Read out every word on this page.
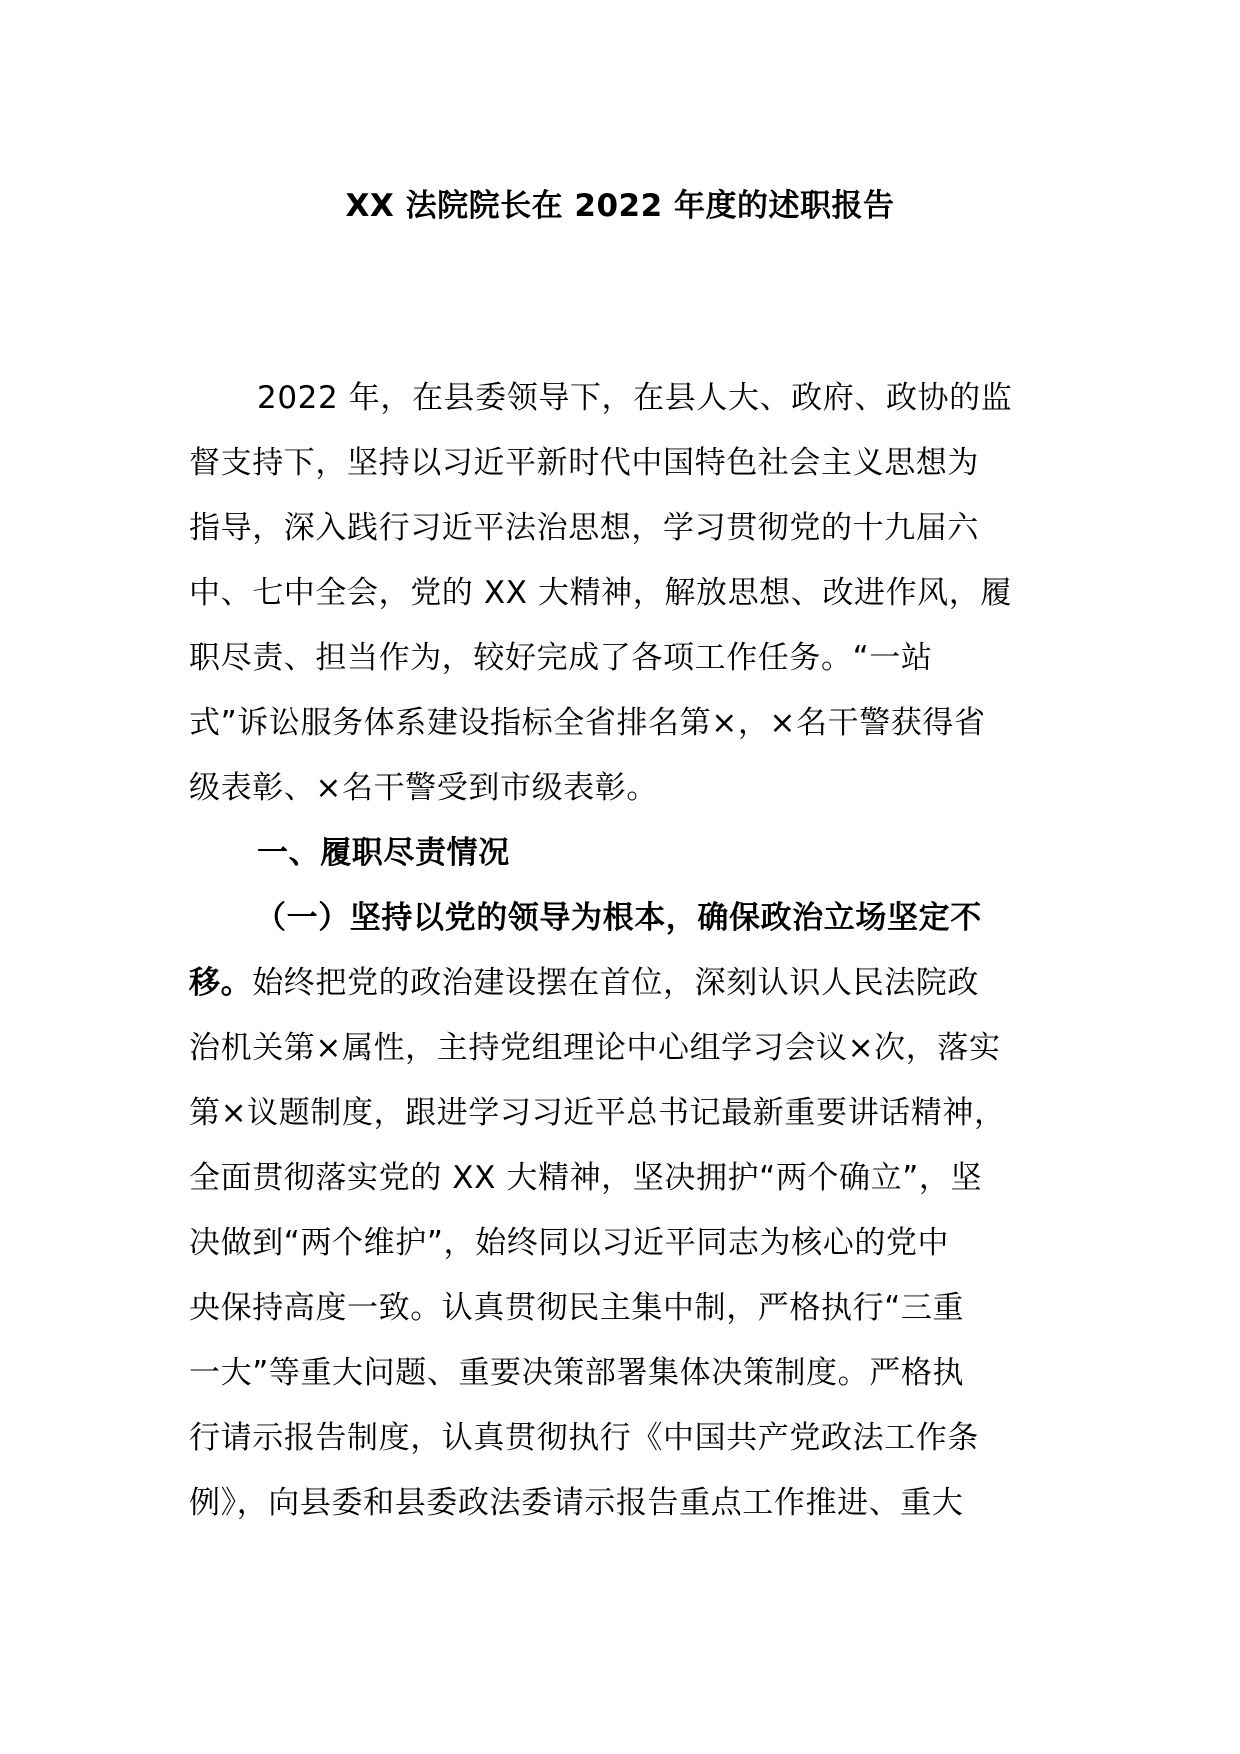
XX 法院院长在 2022 年度的述职报告
2022 年，在县委领导下，在县人大、政府、政协的监
督支持下，坚持以习近平新时代中国特色社会主义思想为
指导，深入践行习近平法治思想，学习贯彻党的十九届六
中、七中全会，党的 XX 大精神，解放思想、改进作风，履
职尽责、担当作为，较好完成了各项工作任务。“一站
式”诉讼服务体系建设指标全省排名第×，×名干警获得省
级表彰、×名干警受到市级表彰。
一、履职尽责情况
（一）坚持以党的领导为根本，确保政治立场坚定不
移。始终把党的政治建设摆在首位，深刻认识人民法院政
治机关第×属性，主持党组理论中心组学习会议×次，落实
第×议题制度，跟进学习习近平总书记最新重要讲话精神，
全面贯彻落实党的 XX 大精神，坚决拥护“两个确立”，坚
决做到“两个维护”，始终同以习近平同志为核心的党中
央保持高度一致。认真贯彻民主集中制，严格执行“三重
一大”等重大问题、重要决策部署集体决策制度。严格执
行请示报告制度，认真贯彻执行《中国共产党政法工作条
例》，向县委和县委政法委请示报告重点工作推进、重大
